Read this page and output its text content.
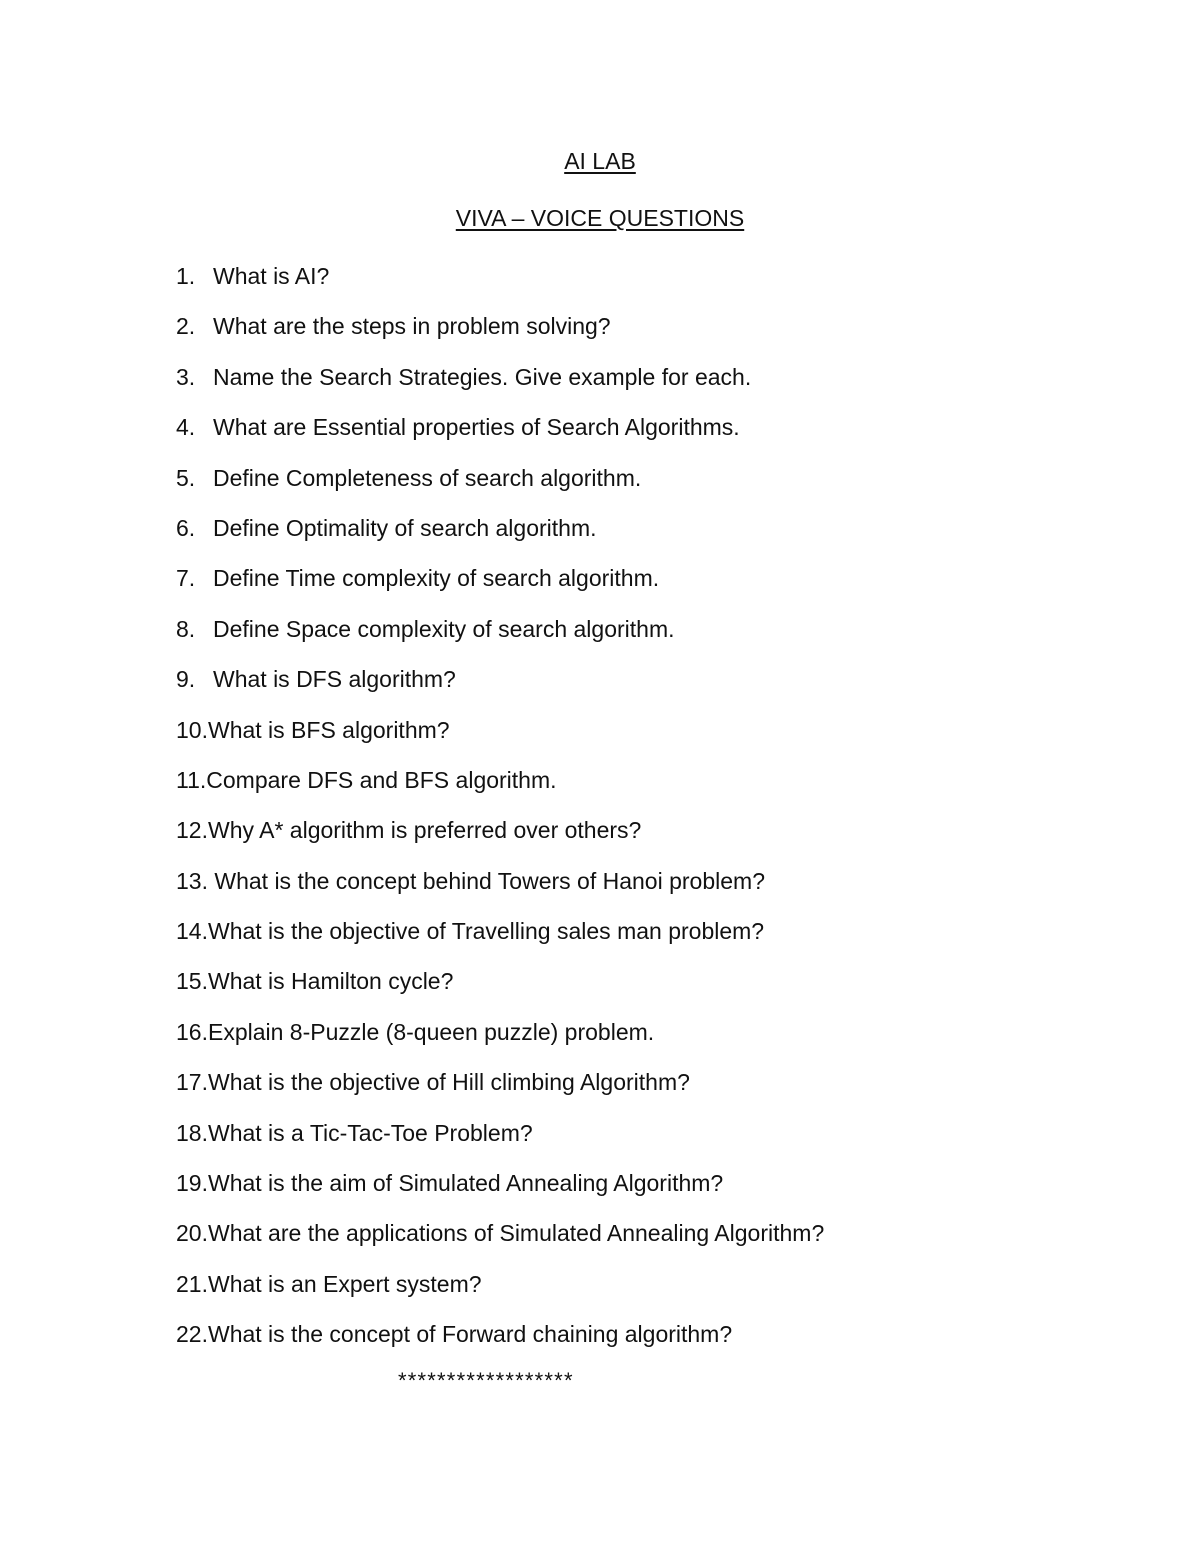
AI LAB
VIVA – VOICE QUESTIONS
1. What is AI?
2. What are the steps in problem solving?
3. Name the Search Strategies. Give example for each.
4. What are Essential properties of Search Algorithms.
5. Define Completeness of search algorithm.
6. Define Optimality of search algorithm.
7. Define Time complexity of search algorithm.
8. Define Space complexity of search algorithm.
9. What is DFS algorithm?
10. What is BFS algorithm?
11. Compare DFS and BFS algorithm.
12. Why A* algorithm is preferred over others?
13. What is the concept behind Towers of Hanoi problem?
14. What is the objective of Travelling sales man problem?
15. What is Hamilton cycle?
16. Explain 8-Puzzle (8-queen puzzle) problem.
17. What is the objective of Hill climbing Algorithm?
18. What is a Tic-Tac-Toe Problem?
19. What is the aim of Simulated Annealing Algorithm?
20. What are the applications of Simulated Annealing Algorithm?
21. What is an Expert system?
22. What is the concept of Forward chaining algorithm?
******************
